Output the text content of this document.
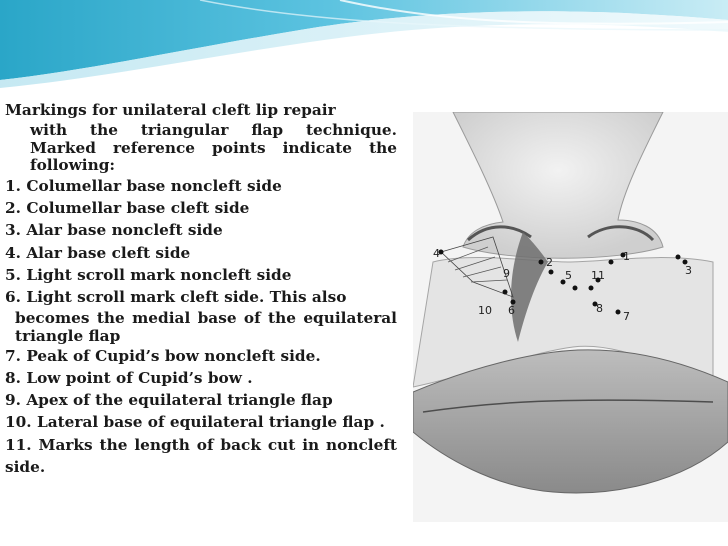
Markings for unilateral cleft lip repair
with the triangular flap technique. Marked reference points indicate the following:
1. Columellar base noncleft side
2. Columellar base cleft side
3. Alar base noncleft side
4. Alar base cleft side
5. Light scroll mark noncleft side
6. Light scroll mark cleft side. This also
becomes the medial base of the equilateral triangle flap
7. Peak of Cupid’s bow noncleft side.
8. Low point of Cupid’s bow .
9. Apex of the equilateral triangle flap
10. Lateral base of equilateral triangle flap .
11. Marks the length of back cut in noncleft side.
1
2
3
4
5
6	7
8
9
10
11
